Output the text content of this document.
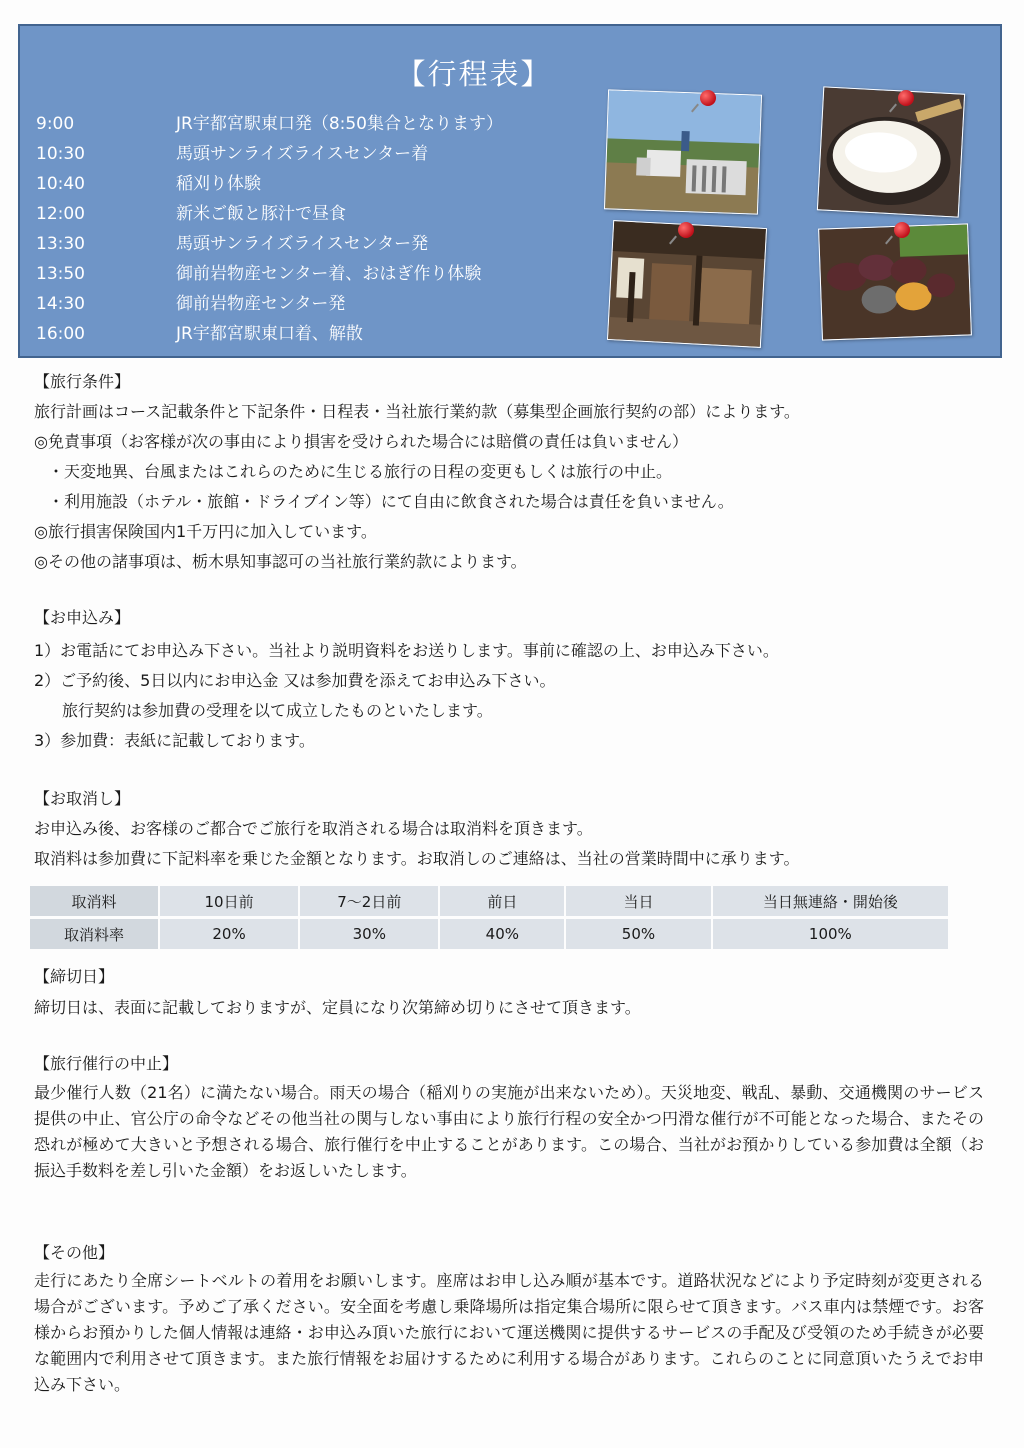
【行程表】
9:00	JR宇都宮駅東口発（8:50集合となります）
10:30	馬頭サンライズライスセンター着
10:40	稲刈り体験
12:00	新米ご飯と豚汁で昼食
13:30	馬頭サンライズライスセンター発
13:50	御前岩物産センター着、おはぎ作り体験
14:30	御前岩物産センター発
16:00	JR宇都宮駅東口着、解散
【旅行条件】
旅行計画はコース記載条件と下記条件・日程表・当社旅行業約款（募集型企画旅行契約の部）によります。
◎免責事項（お客様が次の事由により損害を受けられた場合には賠償の責任は負いません）
・天変地異、台風またはこれらのために生じる旅行の日程の変更もしくは旅行の中止。
・利用施設（ホテル・旅館・ドライブイン等）にて自由に飲食された場合は責任を負いません。
◎旅行損害保険国内1千万円に加入しています。
◎その他の諸事項は、栃木県知事認可の当社旅行業約款によります。
【お申込み】
1）お電話にてお申込み下さい。当社より説明資料をお送りします。事前に確認の上、お申込み下さい。
2）ご予約後、5日以内にお申込金 又は参加費を添えてお申込み下さい。
旅行契約は参加費の受理を以て成立したものといたします。
3）参加費：表紙に記載しております。
【お取消し】
お申込み後、お客様のご都合でご旅行を取消される場合は取消料を頂きます。
取消料は参加費に下記料率を乗じた金額となります。お取消しのご連絡は、当社の営業時間中に承ります。
取消料	10日前	7〜2日前	前日	当日	当日無連絡・開始後
取消料率	20%	30%	40%	50%	100%
【締切日】
締切日は、表面に記載しておりますが、定員になり次第締め切りにさせて頂きます。
【旅行催行の中止】
最少催行人数（21名）に満たない場合。雨天の場合（稲刈りの実施が出来ないため）。天災地変、戦乱、暴動、交通機関のサービス提供の中止、官公庁の命令などその他当社の関与しない事由により旅行行程の安全かつ円滑な催行が不可能となった場合、またその恐れが極めて大きいと予想される場合、旅行催行を中止することがあります。この場合、当社がお預かりしている参加費は全額（お振込手数料を差し引いた金額）をお返しいたします。
【その他】
走行にあたり全席シートベルトの着用をお願いします。座席はお申し込み順が基本です。道路状況などにより予定時刻が変更される場合がございます。予めご了承ください。安全面を考慮し乗降場所は指定集合場所に限らせて頂きます。バス車内は禁煙です。お客様からお預かりした個人情報は連絡・お申込み頂いた旅行において運送機関に提供するサービスの手配及び受領のため手続きが必要な範囲内で利用させて頂きます。また旅行情報をお届けするために利用する場合があります。これらのことに同意頂いたうえでお申込み下さい。
